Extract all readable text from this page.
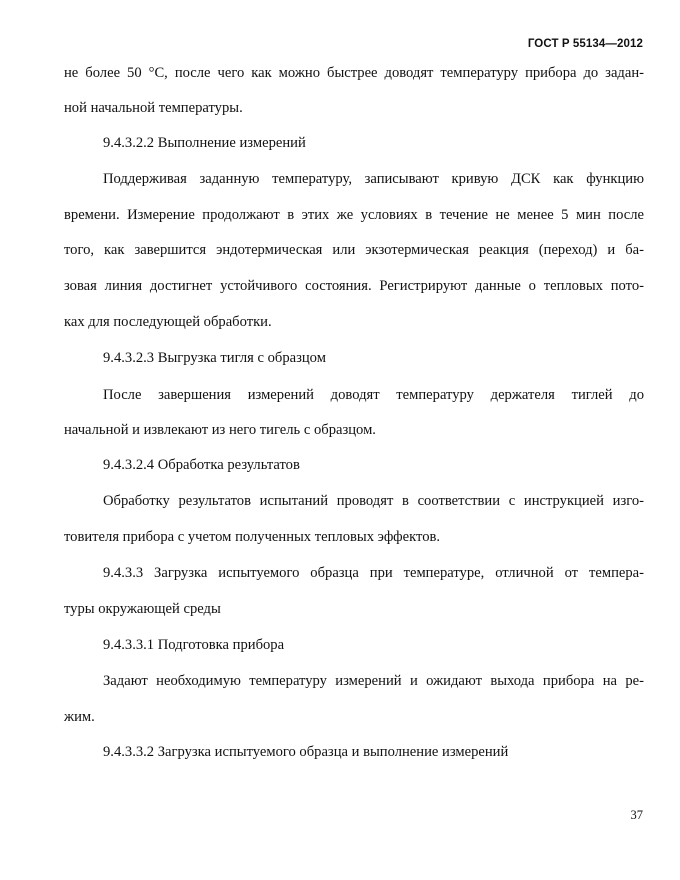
ГОСТ Р 55134—2012
не более 50 °С, после чего как можно быстрее доводят температуру прибора до задан-
ной начальной температуры.
9.4.3.2.2 Выполнение измерений
Поддерживая заданную температуру, записывают кривую ДСК как функцию
времени. Измерение продолжают в этих же условиях в течение не менее 5 мин после
того, как завершится эндотермическая или экзотермическая реакция (переход) и ба-
зовая линия достигнет устойчивого состояния. Регистрируют данные о тепловых пото-
ках для последующей обработки.
9.4.3.2.3 Выгрузка тигля с образцом
После завершения измерений доводят температуру держателя тиглей до
начальной и извлекают из него тигель с образцом.
9.4.3.2.4 Обработка результатов
Обработку результатов испытаний проводят в соответствии с инструкцией изго-
товителя прибора с учетом полученных тепловых эффектов.
9.4.3.3 Загрузка испытуемого образца при температуре, отличной от темпера-
туры окружающей среды
9.4.3.3.1 Подготовка прибора
Задают необходимую температуру измерений и ожидают выхода прибора на ре-
жим.
9.4.3.3.2 Загрузка испытуемого образца и выполнение измерений
37
